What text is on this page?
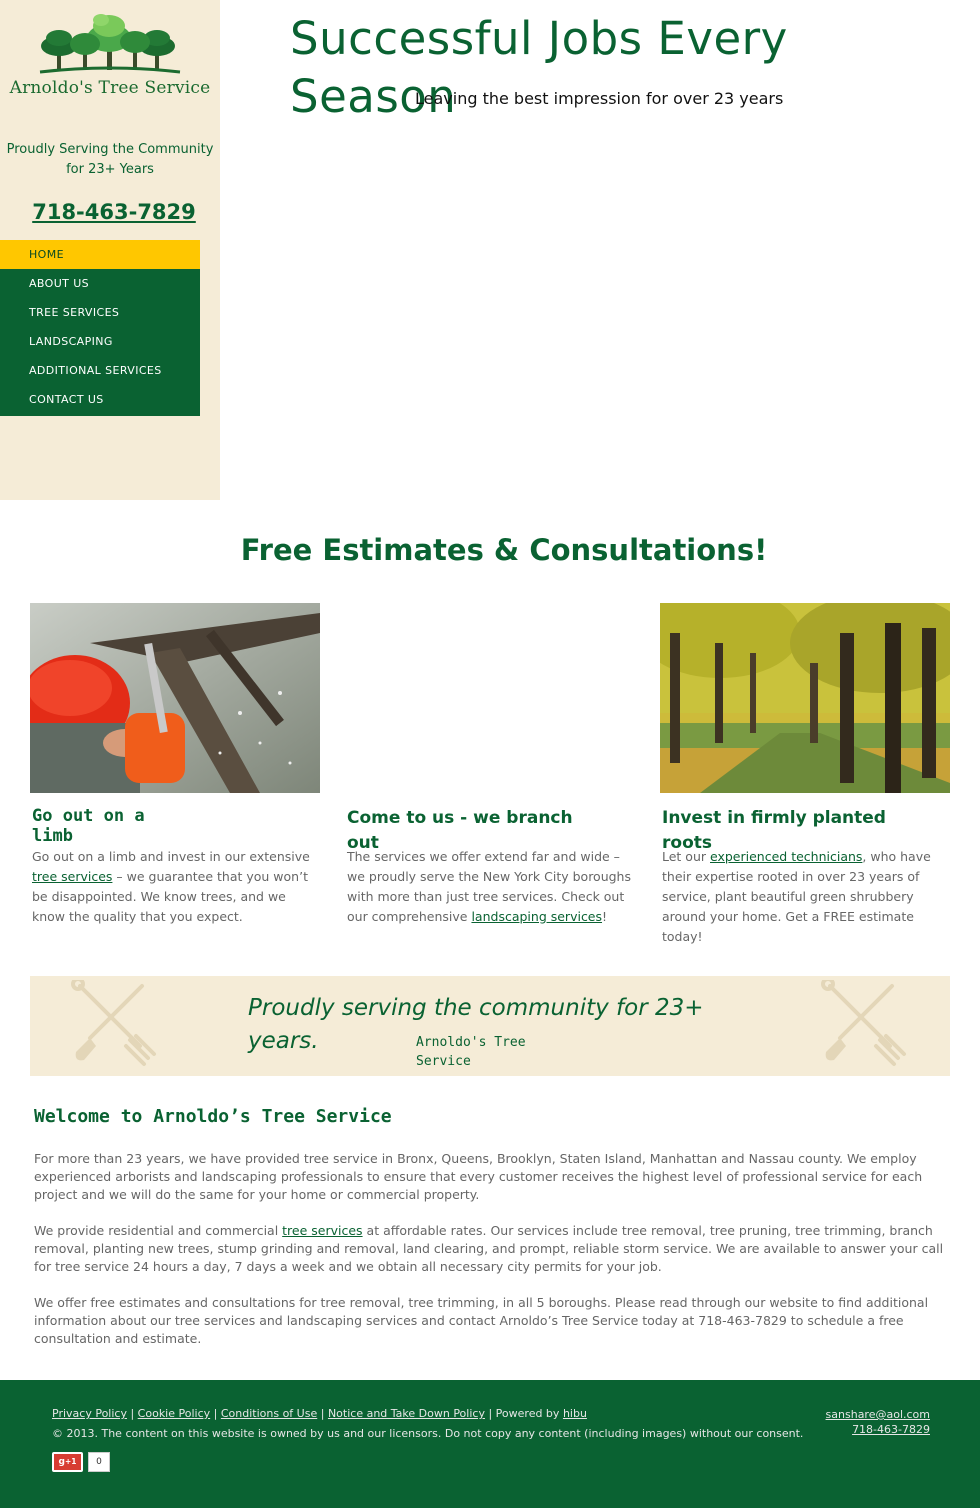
Arnoldo's Tree Service
Proudly Serving the Community for 23+ Years
718-463-7829
HOME
ABOUT US
TREE SERVICES
LANDSCAPING
ADDITIONAL SERVICES
CONTACT US
Successful Jobs Every Season
Leaving the best impression for over 23 years
Free Estimates & Consultations!
Go out on a limb

Go out on a limb and invest in our extensive tree services – we guarantee that you won’t be disappointed. We know trees, and we know the quality that you expect.

Come to us - we branch out

The services we offer extend far and wide – we proudly serve the New York City boroughs with more than just tree services. Check out our comprehensive landscaping services!

Invest in firmly planted roots

Let our experienced technicians, who have their expertise rooted in over 23 years of service, plant beautiful green shrubbery around your home. Get a FREE estimate today!

Proudly serving the community for 23+ years.	Arnoldo's Tree Service
Welcome to Arnoldo’s Tree Service

For more than 23 years, we have provided tree service in Bronx, Queens, Brooklyn, Staten Island, Manhattan and Nassau county. We employ experienced arborists and landscaping professionals to ensure that every customer receives the highest level of professional service for each project and we will do the same for your home or commercial property.

We provide residential and commercial tree services at affordable rates. Our services include tree removal, tree pruning, tree trimming, branch removal, planting new trees, stump grinding and removal, land clearing, and prompt, reliable storm service. We are available to answer your call for tree service 24 hours a day, 7 days a week and we obtain all necessary city permits for your job.

We offer free estimates and consultations for tree removal, tree trimming, in all 5 boroughs. Please read through our website to find additional information about our tree services and landscaping services and contact Arnoldo’s Tree Service today at 718-463-7829 to schedule a free consultation and estimate.

Privacy Policy | Cookie Policy | Conditions of Use | Notice and Take Down Policy | Powered by hibu
© 2013. The content on this website is owned by us and our licensors. Do not copy any content (including images) without our consent.
sanshare@aol.com
718-463-7829
g+1	0
